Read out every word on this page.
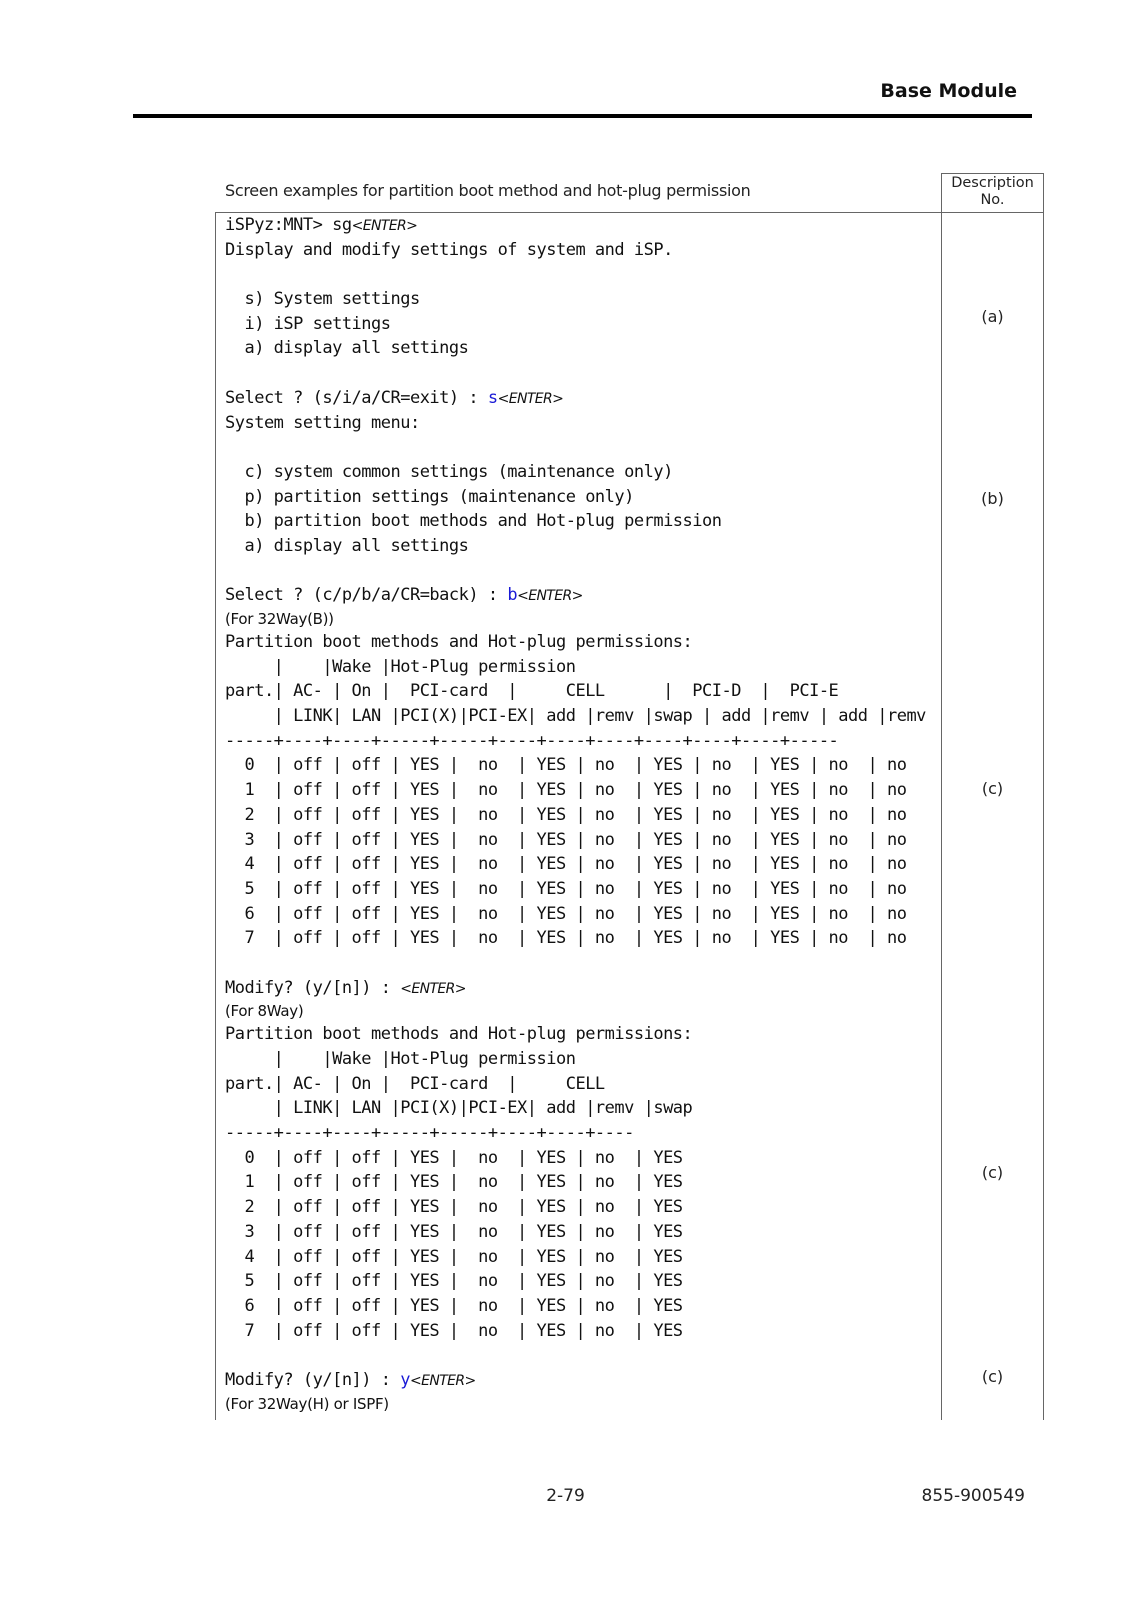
Base Module
Screen examples for partition boot method and hot-plug permission	Description
No.
iSPyz:MNT> sg<ENTER>
Display and modify settings of system and iSP.
s) System settings
i) iSP settings
a) display all settings
Select ? (s/i/a/CR=exit) : s<ENTER>
System setting menu:
c) system common settings (maintenance only)
p) partition settings (maintenance only)
b) partition boot methods and Hot-plug permission
a) display all settings
Select ? (c/p/b/a/CR=back) : b<ENTER>
(For 32Way(B))
Partition boot methods and Hot-plug permissions:
|    |Wake |Hot-Plug permission
part.| AC- | On |  PCI-card  |     CELL      |  PCI-D  |  PCI-E
| LINK| LAN |PCI(X)|PCI-EX| add |remv |swap | add |remv | add |remv
-----+----+----+-----+-----+----+----+----+----+----+----+-----
0  | off | off | YES |  no  | YES | no  | YES | no  | YES | no  | no
1  | off | off | YES |  no  | YES | no  | YES | no  | YES | no  | no
2  | off | off | YES |  no  | YES | no  | YES | no  | YES | no  | no
3  | off | off | YES |  no  | YES | no  | YES | no  | YES | no  | no
4  | off | off | YES |  no  | YES | no  | YES | no  | YES | no  | no
5  | off | off | YES |  no  | YES | no  | YES | no  | YES | no  | no
6  | off | off | YES |  no  | YES | no  | YES | no  | YES | no  | no
7  | off | off | YES |  no  | YES | no  | YES | no  | YES | no  | no
Modify? (y/[n]) : <ENTER>
(For 8Way)
Partition boot methods and Hot-plug permissions:
|    |Wake |Hot-Plug permission
part.| AC- | On |  PCI-card  |     CELL
| LINK| LAN |PCI(X)|PCI-EX| add |remv |swap
-----+----+----+-----+-----+----+----+----
0  | off | off | YES |  no  | YES | no  | YES
1  | off | off | YES |  no  | YES | no  | YES
2  | off | off | YES |  no  | YES | no  | YES
3  | off | off | YES |  no  | YES | no  | YES
4  | off | off | YES |  no  | YES | no  | YES
5  | off | off | YES |  no  | YES | no  | YES
6  | off | off | YES |  no  | YES | no  | YES
7  | off | off | YES |  no  | YES | no  | YES
Modify? (y/[n]) : y<ENTER>
(For 32Way(H) or ISPF)
(a)
(b)
(c)
(c)
(c)
2-79	855-900549
